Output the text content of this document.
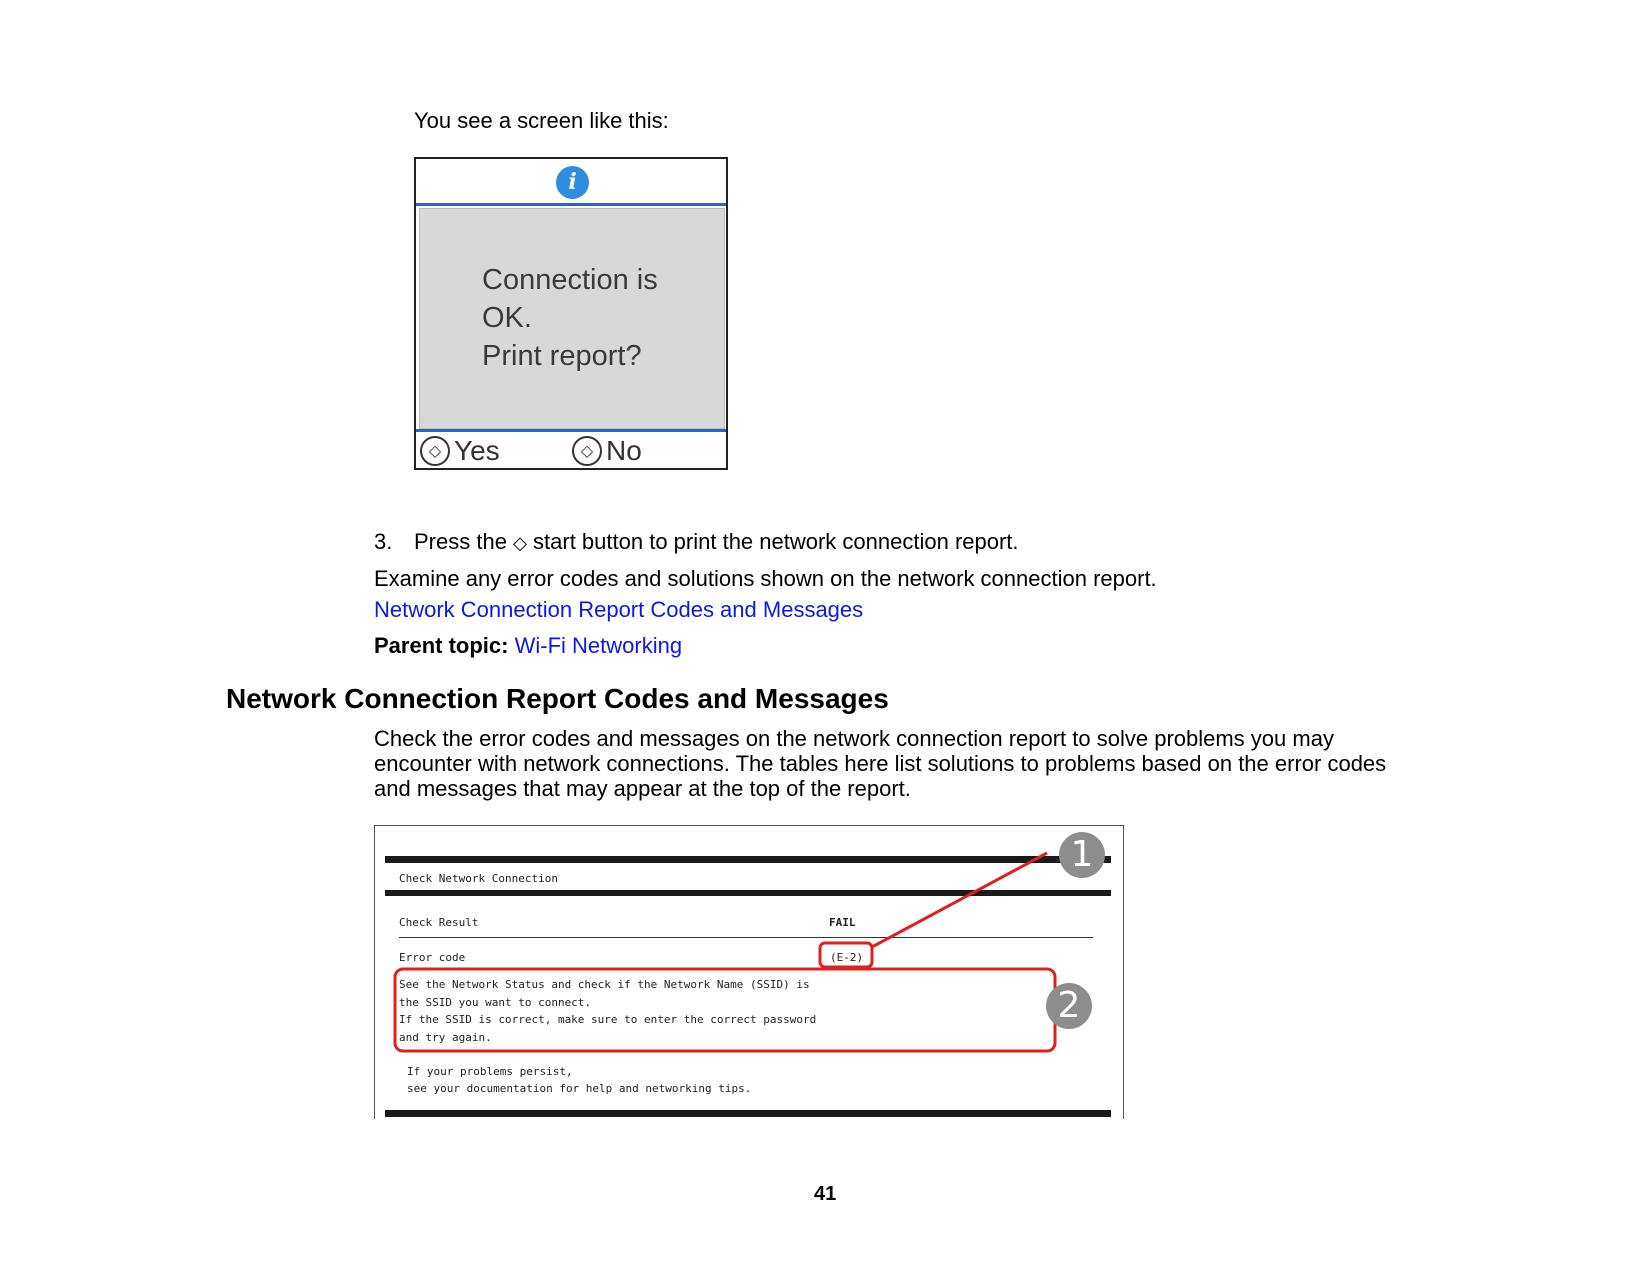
You see a screen like this:
i
Connection is
OK.
Print report?
◇ Yes	◇ No
3. Press the ◇ start button to print the network connection report.
Examine any error codes and solutions shown on the network connection report.
Network Connection Report Codes and Messages
Parent topic: Wi-Fi Networking
Network Connection Report Codes and Messages
Check the error codes and messages on the network connection report to solve problems you may
encounter with network connections. The tables here list solutions to problems based on the error codes
and messages that may appear at the top of the report.
Check Network Connection
Check Result	FAIL
Error code	(E-2)
See the Network Status and check if the Network Name (SSID) is
the SSID you want to connect.
If the SSID is correct, make sure to enter the correct password
and try again.
If your problems persist,
see your documentation for help and networking tips.
1
2
41
